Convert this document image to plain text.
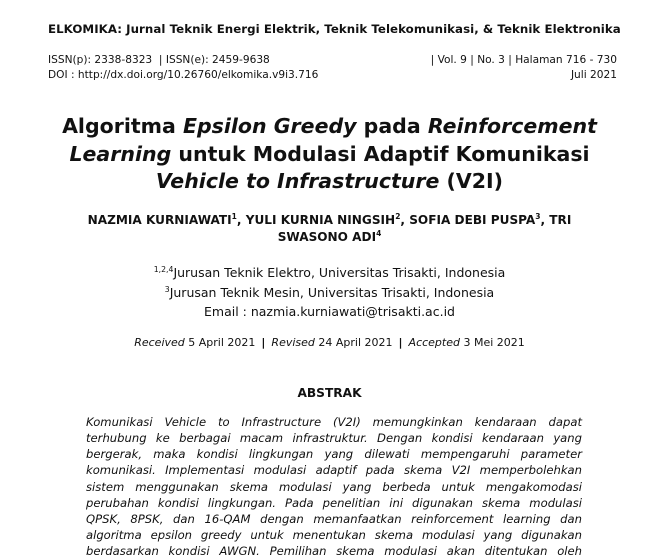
ELKOMIKA: Jurnal Teknik Energi Elektrik, Teknik Telekomunikasi, & Teknik Elektronika
ISSN(p): 2338-8323  | ISSN(e): 2459-9638
DOI : http://dx.doi.org/10.26760/elkomika.v9i3.716
| Vol. 9 | No. 3 | Halaman 716 - 730
Juli 2021
Algoritma Epsilon Greedy pada Reinforcement
Learning untuk Modulasi Adaptif Komunikasi
Vehicle to Infrastructure (V2I)
NAZMIA KURNIAWATI$^1$, YULI KURNIA NINGSIH$^2$, SOFIA DEBI PUSPA$^3$, TRI
SWASONO ADI$^4$
$^{1,2,4}$Jurusan Teknik Elektro, Universitas Trisakti, Indonesia
$^3$Jurusan Teknik Mesin, Universitas Trisakti, Indonesia
Email : nazmia.kurniawati@trisakti.ac.id
Received 5 April 2021 | Revised 24 April 2021 | Accepted 3 Mei 2021
ABSTRAK
Komunikasi Vehicle to Infrastructure (V2I) memungkinkan kendaraan dapat
terhubung ke berbagai macam infrastruktur. Dengan kondisi kendaraan yang
bergerak, maka kondisi lingkungan yang dilewati mempengaruhi parameter
komunikasi. Implementasi modulasi adaptif pada skema V2I memperbolehkan
sistem menggunakan skema modulasi yang berbeda untuk mengakomodasi
perubahan kondisi lingkungan. Pada penelitian ini digunakan skema modulasi
QPSK, 8PSK, dan 16-QAM dengan memanfaatkan reinforcement learning dan
algoritma epsilon greedy untuk menentukan skema modulasi yang digunakan
berdasarkan kondisi AWGN. Pemilihan skema modulasi akan ditentukan oleh
